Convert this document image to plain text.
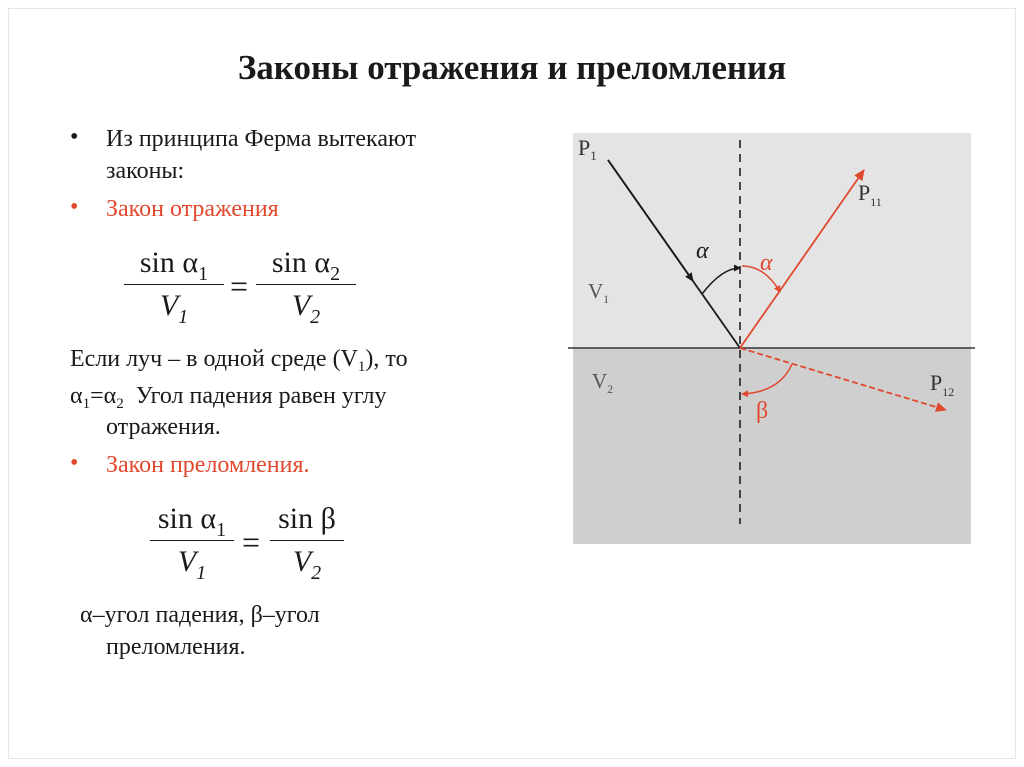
Законы отражения и преломления
• Из принципа Ферма вытекают
законы:
• Закон отражения
$\sin \alpha_1$
$V_1$
=
$\sin \alpha_2$
$V_2$
Если луч – в одной среде $(V_1)$, то
$\alpha_1=\alpha_2$  Угол падения равен углу
отражения.
• Закон преломления.
$\sin \alpha_1$
$V_1$
=
sin β
$V_2$
α–угол падения, β–угол
преломления.
$P_1$
$P_{11}$
$P_{12}$
$V_1$
$V_2$
α α
β
